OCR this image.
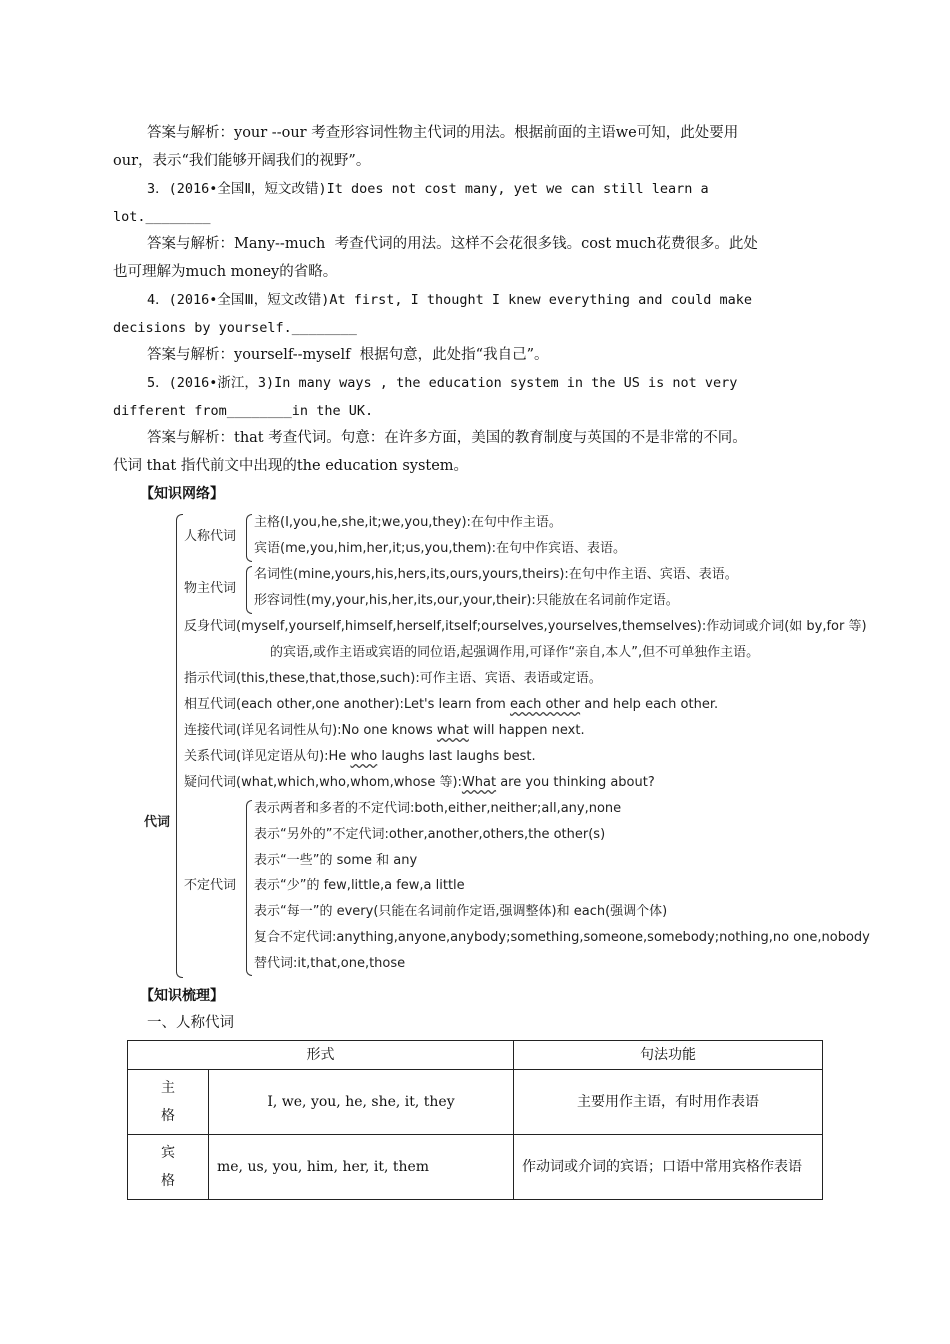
答案与解析：your --our 考查形容词性物主代词的用法。根据前面的主语we可知，此处要用
our，表示“我们能够开阔我们的视野”。
3．(2016•全国Ⅱ，短文改错)It does not cost many, yet we can still learn a
lot.________
答案与解析：Many--much  考查代词的用法。这样不会花很多钱。cost much花费很多。此处
也可理解为much money的省略。
4．(2016•全国Ⅲ，短文改错)At first, I thought I knew everything and could make
decisions by yourself.________
答案与解析：yourself--myself  根据句意，此处指“我自己”。
5．(2016•浙江，3)In many ways , the education system in the US is not very
different from________in the UK.
答案与解析：that 考查代词。句意：在许多方面，美国的教育制度与英国的不是非常的不同。
代词 that 指代前文中出现的the education system。
【知识网络】
代词
人称代词
主格(I,you,he,she,it;we,you,they):在句中作主语。
宾语(me,you,him,her,it;us,you,them):在句中作宾语、表语。
物主代词
名词性(mine,yours,his,hers,its,ours,yours,theirs):在句中作主语、宾语、表语。
形容词性(my,your,his,her,its,our,your,their):只能放在名词前作定语。
反身代词(myself,yourself,himself,herself,itself;ourselves,yourselves,themselves):作动词或介词(如 by,for 等)
的宾语,或作主语或宾语的同位语,起强调作用,可译作“亲自,本人”,但不可单独作主语。
指示代词(this,these,that,those,such):可作主语、宾语、表语或定语。
相互代词(each other,one another):Let's learn from each other and help each other.
连接代词(详见名词性从句):No one knows what will happen next.
关系代词(详见定语从句):He who laughs last laughs best.
疑问代词(what,which,who,whom,whose 等):What are you thinking about?
不定代词
表示两者和多者的不定代词:both,either,neither;all,any,none
表示“另外的”不定代词:other,another,others,the other(s)
表示“一些”的 some 和 any
表示“少”的 few,little,a few,a little
表示“每一”的 every(只能在名词前作定语,强调整体)和 each(强调个体)
复合不定代词:anything,anyone,anybody;something,someone,somebody;nothing,no one,nobody
替代词:it,that,one,those
【知识梳理】
一、人称代词
形式		句法功能
主
格	I, we, you, he, she, it, they	主要用作主语，有时用作表语
宾
格	me, us, you, him, her, it, them	作动词或介词的宾语；口语中常用宾格作表语
